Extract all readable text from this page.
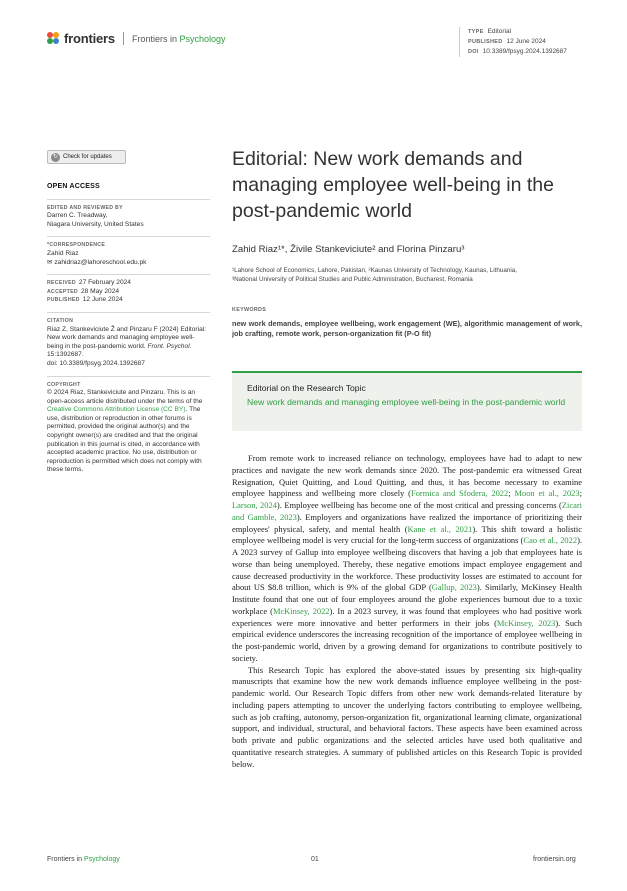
frontiers Frontiers in Psychology
TYPE Editorial
PUBLISHED 12 June 2024
DOI 10.3389/fpsyg.2024.1392687
↻ Check for updates
OPEN ACCESS
EDITED AND REVIEWED BY
Darren C. Treadway,
Niagara University, United States
*CORRESPONDENCE
Zahid Riaz
✉ zahidriaz@lahoreschool.edu.pk
RECEIVED 27 February 2024
ACCEPTED 28 May 2024
PUBLISHED 12 June 2024
CITATION
Riaz Z, Stankeviciute Ž and Pinzaru F (2024) Editorial: New work demands and managing employee well-being in the post-pandemic world. Front. Psychol. 15:1392687.
doi: 10.3389/fpsyg.2024.1392687
COPYRIGHT
© 2024 Riaz, Stankeviciute and Pinzaru. This is an open-access article distributed under the terms of the Creative Commons Attribution License (CC BY). The use, distribution or reproduction in other forums is permitted, provided the original author(s) and the copyright owner(s) are credited and that the original publication in this journal is cited, in accordance with accepted academic practice. No use, distribution or reproduction is permitted which does not comply with these terms.
Editorial: New work demands and managing employee well-being in the post-pandemic world
Zahid Riaz¹*, Živile Stankeviciute² and Florina Pinzaru³
¹Lahore School of Economics, Lahore, Pakistan, ²Kaunas University of Technology, Kaunas, Lithuania,
³National University of Political Studies and Public Administration, Bucharest, Romania
KEYWORDS
new work demands, employee wellbeing, work engagement (WE), algorithmic management of work, job crafting, remote work, person-organization fit (P-O fit)
Editorial on the Research Topic
New work demands and managing employee well-being in the post-pandemic world

From remote work to increased reliance on technology, employees have had to adapt to new practices and navigate the new work demands since 2020. The post-pandemic era witnessed Great Resignation, Quiet Quitting, and Loud Quitting, and thus, it has become necessary to examine employee happiness and wellbeing more closely (Formica and Sfodera, 2022; Moon et al., 2023; Larson, 2024). Employee wellbeing has become one of the most critical and pressing concerns (Zicari and Gamble, 2023). Employers and organizations have realized the importance of prioritizing their employees' physical, safety, and mental health (Kane et al., 2021). This shift toward a holistic employee wellbeing model is very crucial for the long-term success of organizations (Cao et al., 2022). A 2023 survey of Gallup into employee wellbeing discovers that having a job that employees hate is worse than being unemployed. Thereby, these negative emotions impact employee engagement and cause decreased productivity in the workforce. These productivity losses are estimated to account for about US $8.8 trillion, which is 9% of the global GDP (Gallup, 2023). Similarly, McKinsey Health Institute found that one out of four employees around the globe experiences burnout due to a toxic workplace (McKinsey, 2022). In a 2023 survey, it was found that employees who had positive work experiences were more innovative and better performers in their jobs (McKinsey, 2023). Such empirical evidence underscores the increasing recognition of the importance of employee wellbeing in the post-pandemic world, driven by a growing demand for organizations to contribute positively to society.

This Research Topic has explored the above-stated issues by presenting six high-quality manuscripts that examine how the new work demands influence employee wellbeing in the post-pandemic world. Our Research Topic differs from other new work demands-related literature by including papers attempting to uncover the underlying factors contributing to employee wellbeing, such as job crafting, autonomy, person-organization fit, organizational learning climate, organizational support, and individual, structural, and behavioral factors. These aspects have been examined across both private and public organizations and the selected articles have used both qualitative and quantitative research strategies. A summary of published articles on this Research Topic is provided below.

Frontiers in Psychology	01	frontiersin.org
